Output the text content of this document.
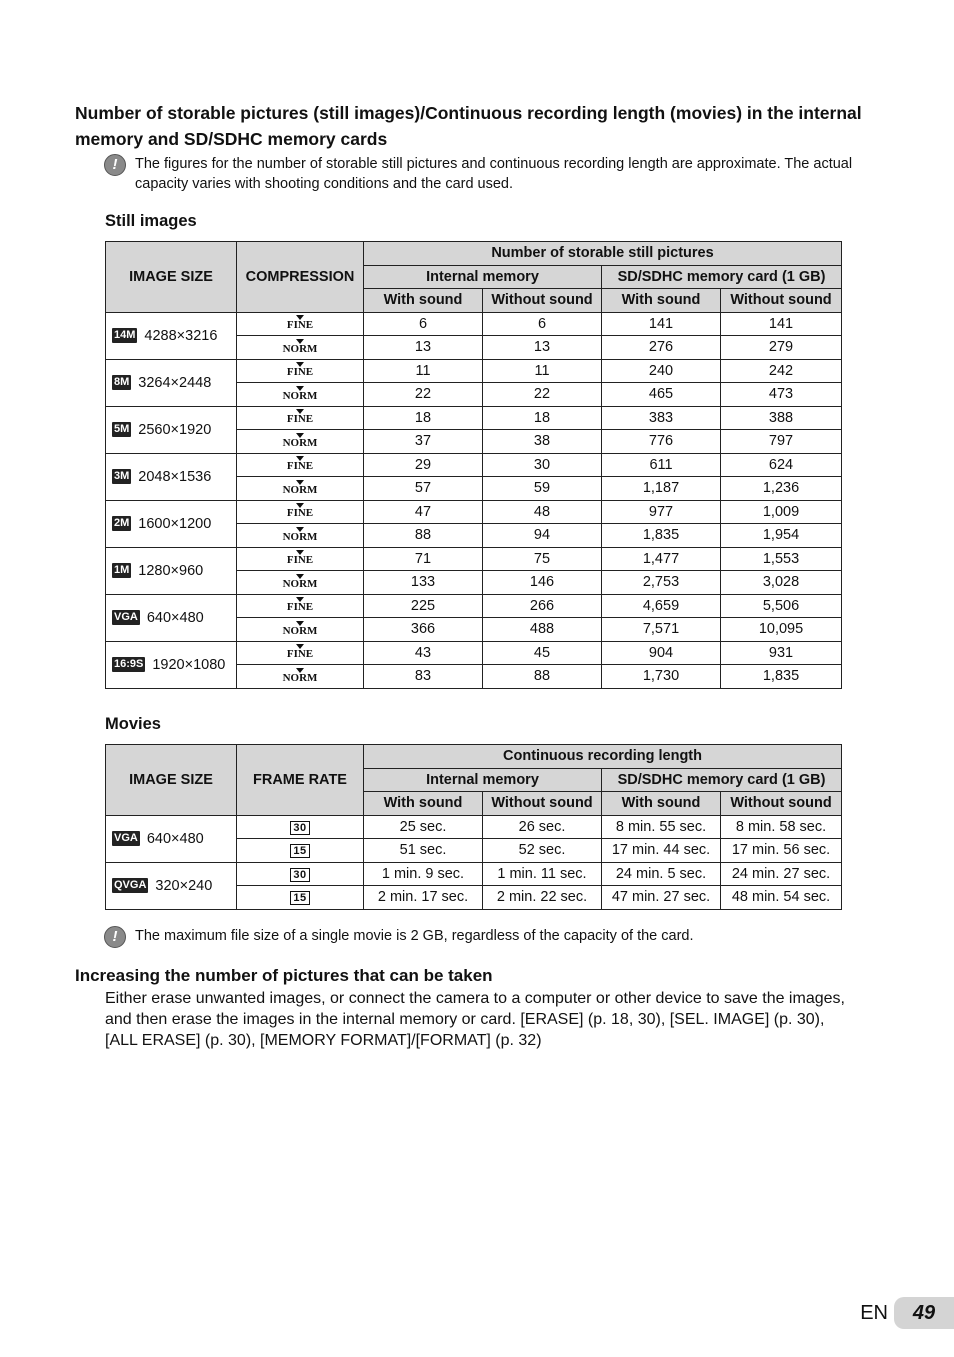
Number of storable pictures (still images)/Continuous recording length (movies) in the internal memory and SD/SDHC memory cards
!	The figures for the number of storable still pictures and continuous recording length are approximate. The actual capacity varies with shooting conditions and the card used.
Still images
IMAGE SIZE	COMPRESSION	Number of storable still pictures			
		Internal memory		SD/SDHC memory card (1 GB)	
		With sound	Without sound	With sound	Without sound
14M 4288×3216	FINE	6	6	141	141
	NORM	13	13	276	279
8M 3264×2448	FINE	11	11	240	242
	NORM	22	22	465	473
5M 2560×1920	FINE	18	18	383	388
	NORM	37	38	776	797
3M 2048×1536	FINE	29	30	611	624
	NORM	57	59	1,187	1,236
2M 1600×1200	FINE	47	48	977	1,009
	NORM	88	94	1,835	1,954
1M 1280×960	FINE	71	75	1,477	1,553
	NORM	133	146	2,753	3,028
VGA 640×480	FINE	225	266	4,659	5,506
	NORM	366	488	7,571	10,095
16:9S 1920×1080	FINE	43	45	904	931
	NORM	83	88	1,730	1,835
Movies
IMAGE SIZE	FRAME RATE	Continuous recording length			
		Internal memory		SD/SDHC memory card (1 GB)	
		With sound	Without sound	With sound	Without sound
VGA 640×480	30	25 sec.	26 sec.	8 min. 55 sec.	8 min. 58 sec.
	15	51 sec.	52 sec.	17 min. 44 sec.	17 min. 56 sec.
QVGA 320×240	30	1 min. 9 sec.	1 min. 11 sec.	24 min. 5 sec.	24 min. 27 sec.
	15	2 min. 17 sec.	2 min. 22 sec.	47 min. 27 sec.	48 min. 54 sec.
!	The maximum file size of a single movie is 2 GB, regardless of the capacity of the card.
Increasing the number of pictures that can be taken
Either erase unwanted images, or connect the camera to a computer or other device to save the images, and then erase the images in the internal memory or card. [ERASE] (p. 18, 30), [SEL. IMAGE] (p. 30), [ALL ERASE] (p. 30), [MEMORY FORMAT]/[FORMAT] (p. 32)
EN	49
